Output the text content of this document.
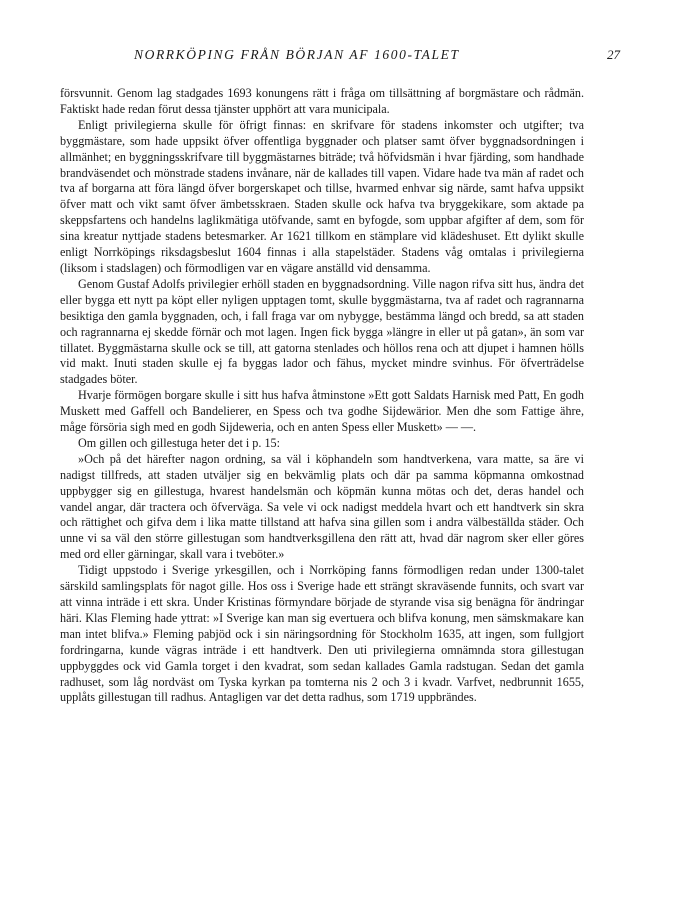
NORRKÖPING FRÅN BÖRJAN AF 1600-TALET	27

försvunnit. Genom lag stadgades 1693 konungens rätt i fråga om tillsättning af borgmästare och rådmän. Faktiskt hade redan förut dessa tjänster upphört att vara municipala.

Enligt privilegierna skulle för öfrigt finnas: en skrifvare för stadens inkomster och utgifter; tva byggmästare, som hade uppsikt öfver offentliga byggnader och platser samt öfver byggnadsordningen i allmänhet; en byggningsskrifvare till byggmästarnes biträde; två höfvidsmän i hvar fjärding, som handhade brandväsendet och mönstrade stadens invånare, när de kallades till vapen. Vidare hade tva män af radet och tva af borgarna att föra längd öfver borgerskapet och tillse, hvarmed enhvar sig närde, samt hafva uppsikt öfver matt och vikt samt öfver ämbetsskraen. Staden skulle ock hafva tva bryggekikare, som aktade pa skeppsfartens och handelns laglikmätiga utöfvande, samt en byfogde, som uppbar afgifter af dem, som för sina kreatur nyttjade stadens betesmarker. Ar 1621 tillkom en stämplare vid klädeshuset. Ett dylikt skulle enligt Norrköpings riksdagsbeslut 1604 finnas i alla stapelstäder. Stadens våg omtalas i privilegierna (liksom i stadslagen) och förmodligen var en vägare anställd vid densamma.

Genom Gustaf Adolfs privilegier erhöll staden en byggnadsordning. Ville nagon rifva sitt hus, ändra det eller bygga ett nytt pa köpt eller nyligen upptagen tomt, skulle byggmästarna, tva af radet och ragrannarna besiktiga den gamla byggnaden, och, i fall fraga var om nybygge, bestämma längd och bredd, sa att staden och ragrannarna ej skedde förnär och mot lagen. Ingen fick bygga »längre in eller ut på gatan», än som var tillatet. Byggmästarna skulle ock se till, att gatorna stenlades och höllos rena och att djupet i hamnen hölls vid makt. Inuti staden skulle ej fa byggas lador och fähus, mycket mindre svinhus. För öfverträdelse stadgades böter.

Hvarje förmögen borgare skulle i sitt hus hafva åtminstone »Ett gott Saldats Harnisk med Patt, En godh Muskett med Gaffell och Bandelierer, en Spess och tva godhe Sijdewärior. Men dhe som Fattige ähre, måge försöria sigh med en godh Sijdeweria, och en anten Spess eller Muskett» — —.

Om gillen och gillestuga heter det i p. 15:

»Och på det härefter nagon ordning, sa väl i köphandeln som handtverkena, vara matte, sa äre vi nadigst tillfreds, att staden utväljer sig en bekvämlig plats och där pa samma köpmanna omkostnad uppbygger sig en gillestuga, hvarest handelsmän och köpmän kunna mötas och det, deras handel och vandel angar, där tractera och öfverväga. Sa vele vi ock nadigst meddela hvart och ett handtverk sin skra och rättighet och gifva dem i lika matte tillstand att hafva sina gillen som i andra välbeställda städer. Och unne vi sa väl den större gillestugan som handtverksgillena den rätt att, hvad där nagrom sker eller göres med ord eller gärningar, skall vara i tveböter.»

Tidigt uppstodo i Sverige yrkesgillen, och i Norrköping fanns förmodligen redan under 1300-talet särskild samlingsplats för nagot gille. Hos oss i Sverige hade ett strängt skraväsende funnits, och svart var att vinna inträde i ett skra. Under Kristinas förmyndare började de styrande visa sig benägna för ändringar häri. Klas Fleming hade yttrat: »I Sverige kan man sig evertuera och blifva konung, men sämskmakare kan man intet blifva.» Fleming pabjöd ock i sin näringsordning för Stockholm 1635, att ingen, som fullgjort fordringarna, kunde vägras inträde i ett handtverk. Den uti privilegierna omnämnda stora gillestugan uppbyggdes ock vid Gamla torget i den kvadrat, som sedan kallades Gamla radstugan. Sedan det gamla radhuset, som låg nordväst om Tyska kyrkan pa tomterna nis 2 och 3 i kvadr. Varfvet, nedbrunnit 1655, upplåts gillestugan till radhus. Antagligen var det detta radhus, som 1719 uppbrändes.
